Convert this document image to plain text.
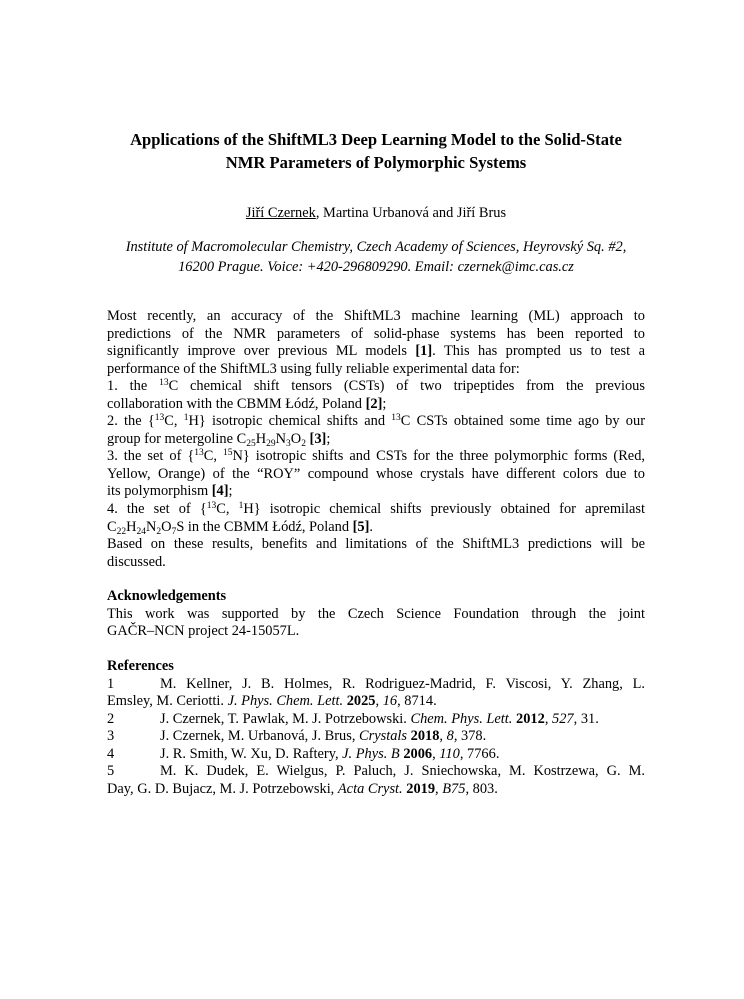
Applications of the ShiftML3 Deep Learning Model to the Solid-State
NMR Parameters of Polymorphic Systems
Jiří Czernek, Martina Urbanová and Jiří Brus
Institute of Macromolecular Chemistry, Czech Academy of Sciences, Heyrovský Sq. #2,
16200 Prague. Voice: +420-296809290. Email: czernek@imc.cas.cz
Most recently, an accuracy of the ShiftML3 machine learning (ML) approach to
predictions of the NMR parameters of solid-phase systems has been reported to
significantly improve over previous ML models [1]. This has prompted us to test a
performance of the ShiftML3 using fully reliable experimental data for:
1. the $^{13}$C chemical shift tensors (CSTs) of two tripeptides from the previous
collaboration with the CBMM Łódź, Poland [2];
2. the {$^{13}$C, $^1$H} isotropic chemical shifts and $^{13}$C CSTs obtained some time ago by our
group for metergoline $C_{25}H_{29}N_3O_2$ [3];
3. the set of {$^{13}$C, $^{15}$N} isotropic shifts and CSTs for the three polymorphic forms (Red,
Yellow, Orange) of the “ROY” compound whose crystals have different colors due to
its polymorphism [4];
4. the set of {$^{13}$C, $^1$H} isotropic chemical shifts previously obtained for apremilast
$C_{22}H_{24}N_2O_7S$ in the CBMM Łódź, Poland [5].
Based on these results, benefits and limitations of the ShiftML3 predictions will be
discussed.
Acknowledgements
This work was supported by the Czech Science Foundation through the joint
GAČR–NCN project 24-15057L.
References
1	M. Kellner, J. B. Holmes, R. Rodriguez-Madrid, F. Viscosi, Y. Zhang, L.
Emsley, M. Ceriotti. J. Phys. Chem. Lett. 2025, 16, 8714.
2	J. Czernek, T. Pawlak, M. J. Potrzebowski. Chem. Phys. Lett. 2012, 527, 31.
3	J. Czernek, M. Urbanová, J. Brus, Crystals 2018, 8, 378.
4	J. R. Smith, W. Xu, D. Raftery, J. Phys. B 2006, 110, 7766.
5	M. K. Dudek, E. Wielgus, P. Paluch, J. Sniechowska, M. Kostrzewa, G. M.
Day, G. D. Bujacz, M. J. Potrzebowski, Acta Cryst. 2019, B75, 803.
